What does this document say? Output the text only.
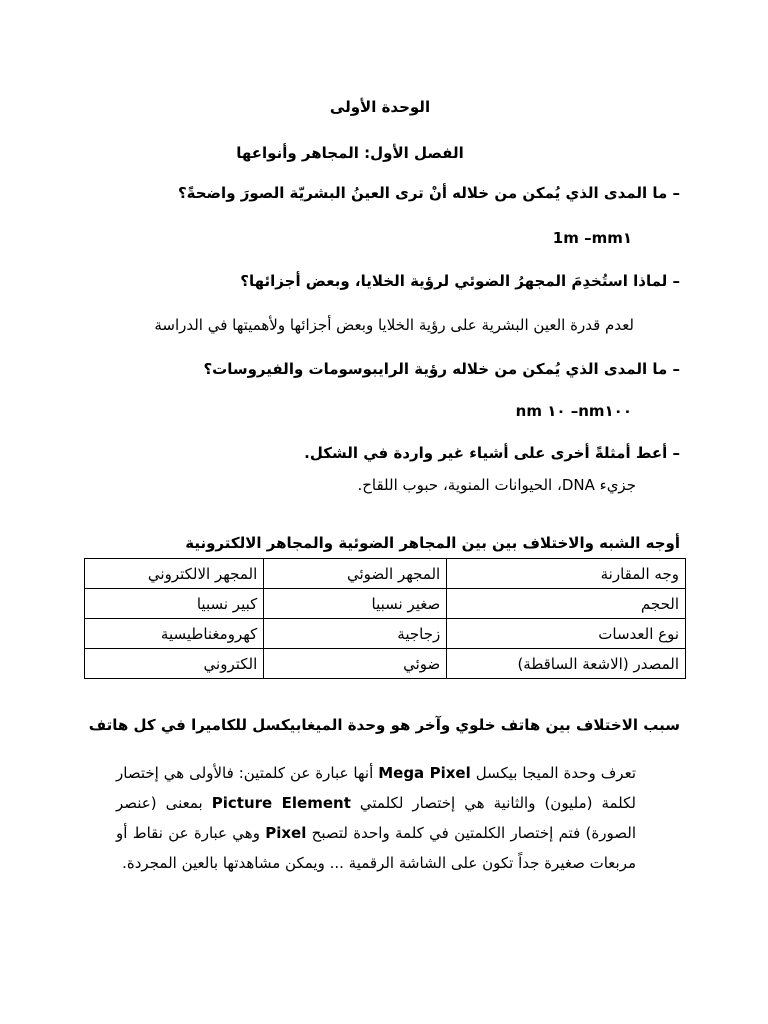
الوحدة الأولى
الفصل الأول: المجاهر وأنواعها
– ما المدى الذي يُمكن من خلاله أنْ ترى العينُ البشريّة الصورَ واضحةً؟
1m –mm١
– لماذا استُخدِمَ المجهرُ الضوئي لرؤية الخلايا، وبعض أجزائها؟
لعدم قدرة العين البشرية على رؤية الخلايا وبعض أجزائها ولأهميتها في الدراسة
– ما المدى الذي يُمكن من خلاله رؤية الرايبوسومات والفيروسات؟
nm ١٠ –nm١٠٠
– أعط أمثلةً أخرى على أشياء غير واردة في الشكل.
جزيء DNA، الحيوانات المنوية، حبوب اللقاح.
أوجه الشبه والاختلاف بين بين المجاهر الضوئية والمجاهر الالكترونية
وجه المقارنة	المجهر الضوئي	المجهر الالكتروني
الحجم	صغير نسبيا	كبير نسبيا
نوع العدسات	زجاجية	كهرومغناطيسية
المصدر (الاشعة الساقطة)	ضوئي	الكتروني
سبب الاختلاف بين هاتف خلوي وآخر هو وحدة الميغابيكسل للكاميرا في كل هاتف
تعرف وحدة الميجا بيكسل Mega Pixel أنها عبارة عن كلمتين: فالأولى هي إختصار لكلمة (مليون) والثانية هي إختصار لكلمتي Picture Element بمعنى (عنصر الصورة) فتم إختصار الكلمتين في كلمة واحدة لتصبح Pixel وهي عبارة عن نقاط أو مربعات صغيرة جداً تكون على الشاشة الرقمية ... ويمكن مشاهدتها بالعين المجردة.
